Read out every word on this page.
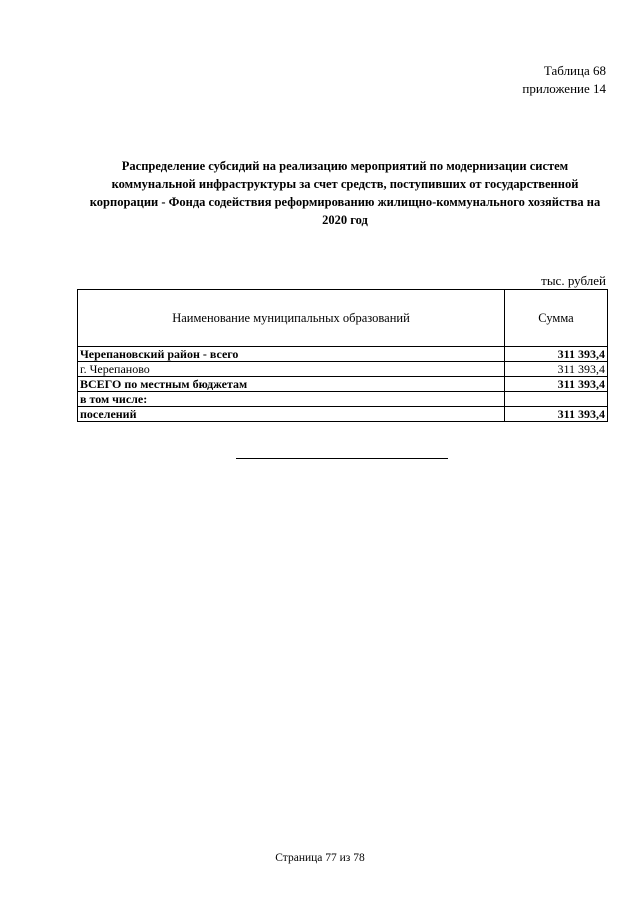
Таблица 68
приложение 14
Распределение субсидий на реализацию мероприятий по модернизации систем коммунальной инфраструктуры за счет средств, поступивших от государственной корпорации - Фонда содействия реформированию жилищно-коммунального хозяйства на 2020 год
тыс. рублей
Наименование муниципальных образований	Сумма
Черепановский район - всего	311 393,4
г. Черепаново	311 393,4
ВСЕГО по местным бюджетам	311 393,4
в том числе:	
поселений	311 393,4
Страница 77 из 78
